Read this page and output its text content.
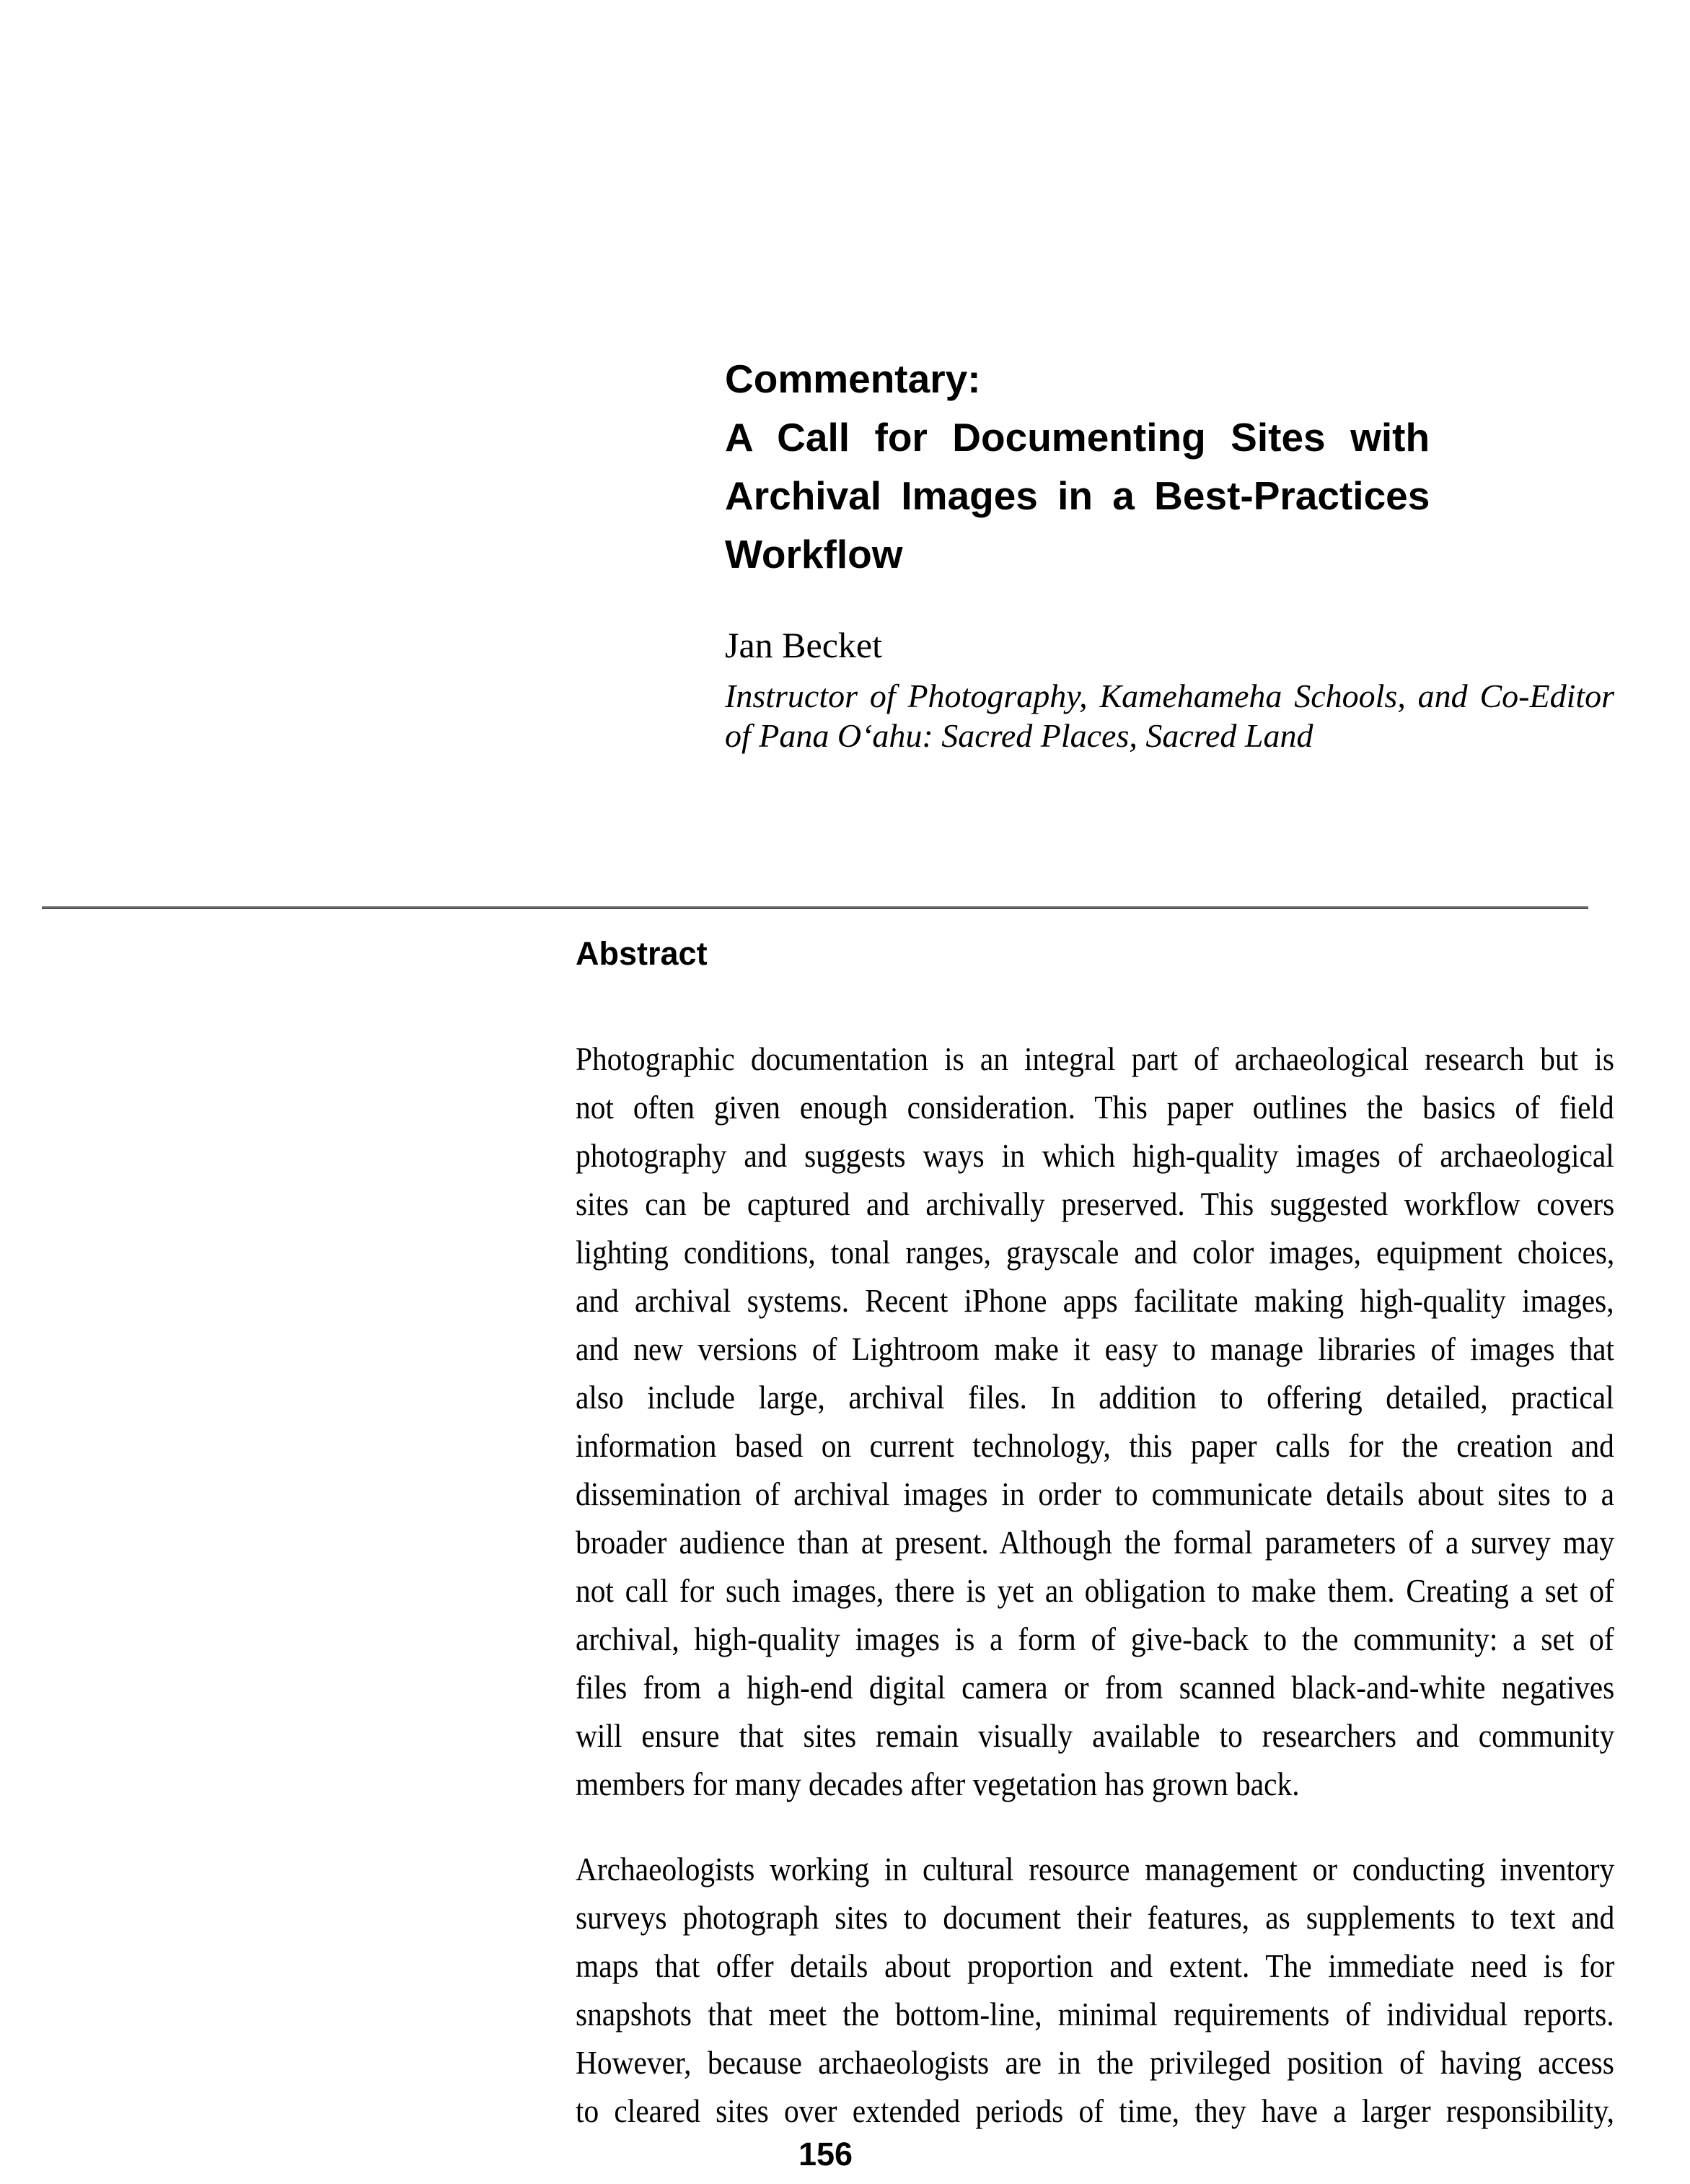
Commentary:
A Call for Documenting Sites with
Archival Images in a Best-Practices
Workflow
Jan Becket
Instructor of Photography, Kamehameha Schools, and Co-Editor
of Pana Oʻahu: Sacred Places, Sacred Land
Abstract
Photographic documentation is an integral part of archaeological research but is
not often given enough consideration. This paper outlines the basics of field
photography and suggests ways in which high-quality images of archaeological
sites can be captured and archivally preserved. This suggested workflow covers
lighting conditions, tonal ranges, grayscale and color images, equipment choices,
and archival systems. Recent iPhone apps facilitate making high-quality images,
and new versions of Lightroom make it easy to manage libraries of images that
also include large, archival files. In addition to offering detailed, practical
information based on current technology, this paper calls for the creation and
dissemination of archival images in order to communicate details about sites to a
broader audience than at present. Although the formal parameters of a survey may
not call for such images, there is yet an obligation to make them. Creating a set of
archival, high-quality images is a form of give-back to the community: a set of
files from a high-end digital camera or from scanned black-and-white negatives
will ensure that sites remain visually available to researchers and community
members for many decades after vegetation has grown back.
Archaeologists working in cultural resource management or conducting inventory
surveys photograph sites to document their features, as supplements to text and
maps that offer details about proportion and extent. The immediate need is for
snapshots that meet the bottom-line, minimal requirements of individual reports.
However, because archaeologists are in the privileged position of having access
to cleared sites over extended periods of time, they have a larger responsibility,
156
